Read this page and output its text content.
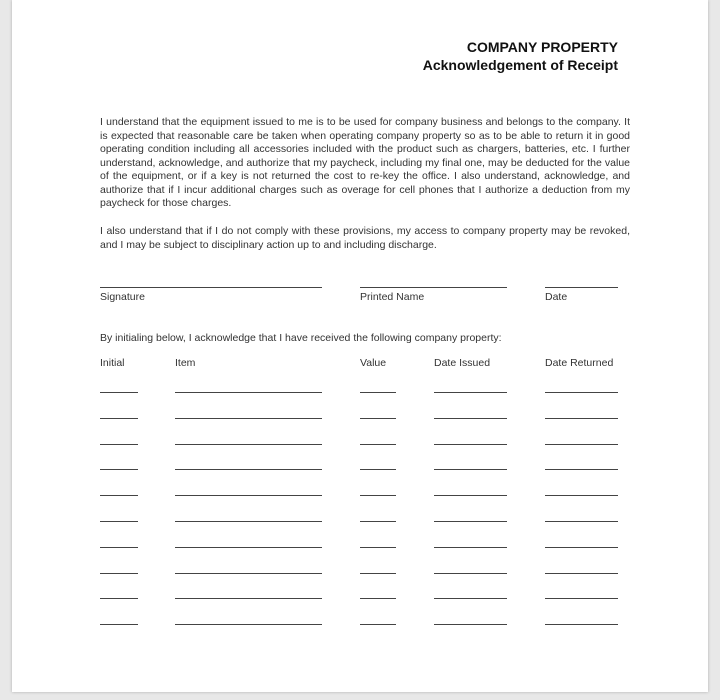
COMPANY PROPERTY
Acknowledgement of Receipt
I understand that the equipment issued to me is to be used for company business and belongs to the company. It is expected that reasonable care be taken when operating company property so as to be able to return it in good operating condition including all accessories included with the product such as chargers, batteries, etc. I further understand, acknowledge, and authorize that my paycheck, including my final one, may be deducted for the value of the equipment, or if a key is not returned the cost to re-key the office. I also understand, acknowledge, and authorize that if I incur additional charges such as overage for cell phones that I authorize a deduction from my paycheck for those charges.
I also understand that if I do not comply with these provisions, my access to company property may be revoked, and I may be subject to disciplinary action up to and including discharge.
Signature	Printed Name	Date
By initialing below, I acknowledge that I have received the following company property:
Initial	Item	Value	Date Issued	Date Returned
